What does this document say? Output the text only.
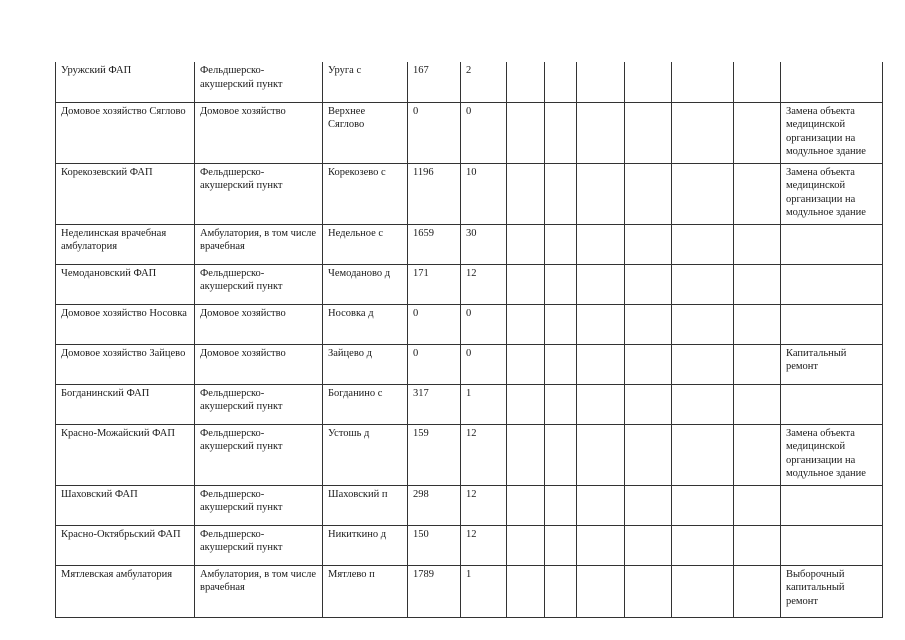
Уружский ФАП	Фельдшерско-акушерский пункт	Уруга с	167	2							
Домовое хозяйство Сяглово	Домовое хозяйство	Верхнее Сяглово	0	0							Замена объекта медицинской организации на модульное здание
Корекозевский ФАП	Фельдшерско-акушерский пункт	Корекозево с	1196	10							Замена объекта медицинской организации на модульное здание
Неделинская врачебная амбулатория	Амбулатория, в том числе врачебная	Недельное с	1659	30							
Чемодановский ФАП	Фельдшерско-акушерский пункт	Чемоданово д	171	12							
Домовое хозяйство Носовка	Домовое хозяйство	Носовка д	0	0							
Домовое хозяйство Зайцево	Домовое хозяйство	Зайцево д	0	0							Капитальный ремонт
Богданинский ФАП	Фельдшерско-акушерский пункт	Богданино с	317	1							
Красно-Можайский ФАП	Фельдшерско-акушерский пункт	Устошь д	159	12							Замена объекта медицинской организации на модульное здание
Шаховский ФАП	Фельдшерско-акушерский пункт	Шаховский п	298	12							
Красно-Октябрьский ФАП	Фельдшерско-акушерский пункт	Никиткино д	150	12							
Мятлевская амбулатория	Амбулатория, в том числе врачебная	Мятлево п	1789	1							Выборочный капитальный ремонт
